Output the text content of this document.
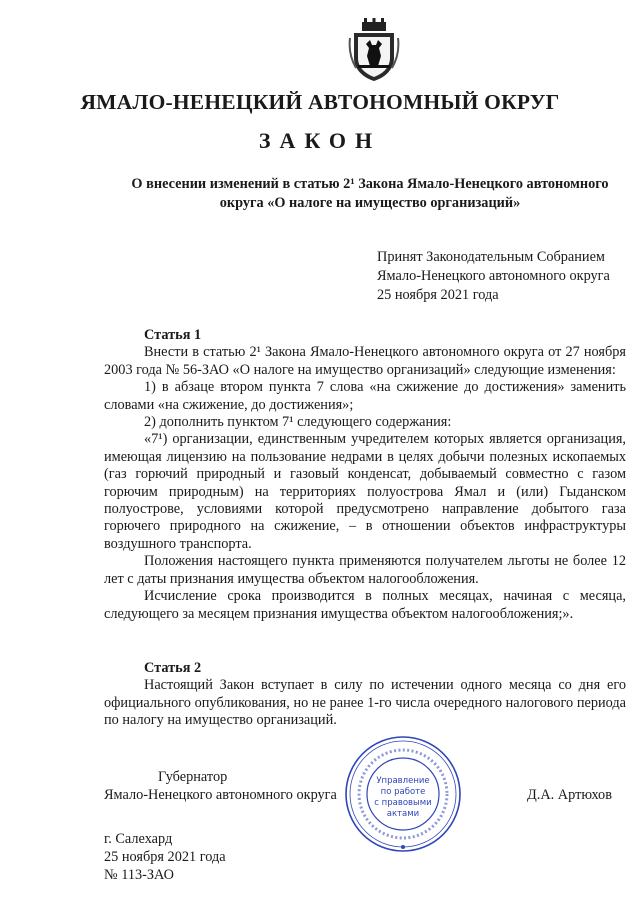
ЯМАЛО-НЕНЕЦКИЙ АВТОНОМНЫЙ ОКРУГ
ЗАКОН
О внесении изменений в статью 2¹ Закона Ямало-Ненецкого автономного
округа «О налоге на имущество организаций»
Принят Законодательным Собранием
Ямало-Ненецкого автономного округа
25 ноября 2021 года

Статья 1

Внести в статью 2¹ Закона Ямало-Ненецкого автономного округа от 27 ноября 2003 года № 56-ЗАО «О налоге на имущество организаций» следующие изменения:

1) в абзаце втором пункта 7 слова «на сжижение до достижения» заменить словами «на сжижение, до достижения»;

2) дополнить пунктом 7¹ следующего содержания:

«7¹) организации, единственным учредителем которых является организация, имеющая лицензию на пользование недрами в целях добычи полезных ископаемых (газ горючий природный и газовый конденсат, добываемый совместно с газом горючим природным) на территориях полуострова Ямал и (или) Гыданском полуострове, условиями которой предусмотрено направление добытого газа горючего природного на сжижение, – в отношении объектов инфраструктуры воздушного транспорта.

Положения настоящего пункта применяются получателем льготы не более 12 лет с даты признания имущества объектом налогообложения.

Исчисление срока производится в полных месяцах, начиная с месяца, следующего за месяцем признания имущества объектом налогообложения;».

Статья 2

Настоящий Закон вступает в силу по истечении одного месяца со дня его официального опубликования, но не ранее 1-го числа очередного налогового периода по налогу на имущество организаций.

Губернатор
Ямало-Ненецкого автономного округа	Д.А. Артюхов
Управление
по работе
с правовыми
актами
г. Салехард
25 ноября 2021 года
№ 113-ЗАО
